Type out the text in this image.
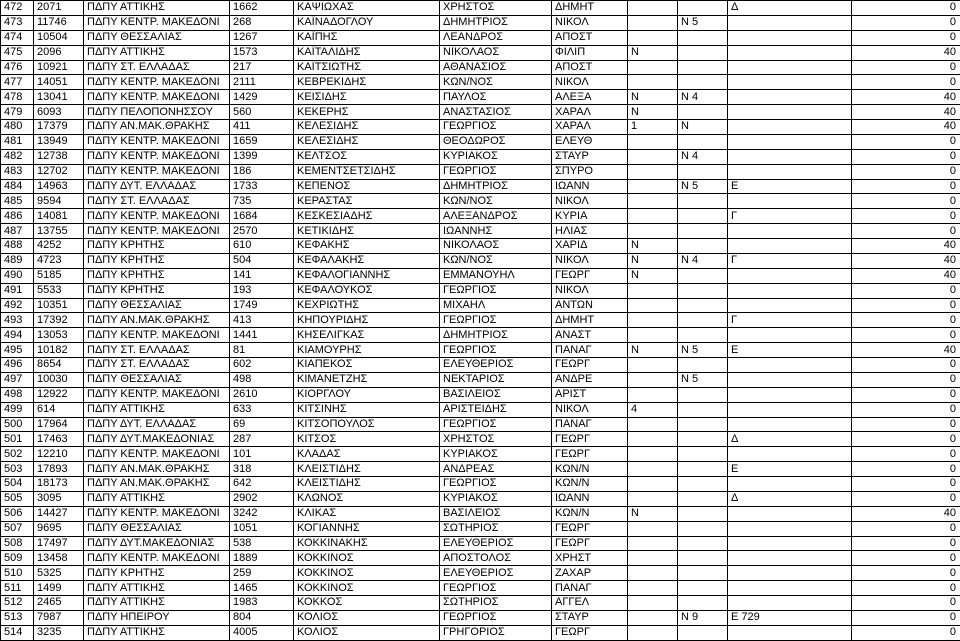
472	2071	ΠΔΠΥ ΑΤΤΙΚΗΣ	1662	ΚΑΨΙΩΧΑΣ	ΧΡΗΣΤΟΣ	ΔΗΜΗΤ			Δ	0
473	11746	ΠΔΠΥ ΚΕΝΤΡ. ΜΑΚΕΔΟΝΙ	268	ΚΑΪΝΑΔΟΓΛΟΥ	ΔΗΜΗΤΡΙΟΣ	ΝΙΚΟΛ		Ν 5		0
474	10504	ΠΔΠΥ ΘΕΣΣΑΛΙΑΣ	1267	ΚΑΪΠΗΣ	ΛΕΑΝΔΡΟΣ	ΑΠΟΣΤ				0
475	2096	ΠΔΠΥ ΑΤΤΙΚΗΣ	1573	ΚΑΪΤΑΛΙΔΗΣ	ΝΙΚΟΛΑΟΣ	ΦΙΛΙΠ	Ν			40
476	10921	ΠΔΠΥ ΣΤ. ΕΛΛΑΔΑΣ	217	ΚΑΪΤΣΙΩΤΗΣ	ΑΘΑΝΑΣΙΟΣ	ΑΠΟΣΤ				0
477	14051	ΠΔΠΥ ΚΕΝΤΡ. ΜΑΚΕΔΟΝΙ	2111	ΚΕΒΡΕΚΙΔΗΣ	ΚΩΝ/ΝΟΣ	ΝΙΚΟΛ				0
478	13041	ΠΔΠΥ ΚΕΝΤΡ. ΜΑΚΕΔΟΝΙ	1429	ΚΕΙΣΙΔΗΣ	ΠΑΥΛΟΣ	ΑΛΕΞΑ	Ν	Ν 4		40
479	6093	ΠΔΠΥ ΠΕΛΟΠΟΝΗΣΣΟΥ	560	ΚΕΚΕΡΗΣ	ΑΝΑΣΤΑΣΙΟΣ	ΧΑΡΑΛ	Ν			40
480	17379	ΠΔΠΥ ΑΝ.ΜΑΚ.ΘΡΑΚΗΣ	411	ΚΕΛΕΣΙΔΗΣ	ΓΕΩΡΓΙΟΣ	ΧΑΡΑΛ	1	Ν		40
481	13949	ΠΔΠΥ ΚΕΝΤΡ. ΜΑΚΕΔΟΝΙ	1659	ΚΕΛΕΣΙΔΗΣ	ΘΕΟΔΩΡΟΣ	ΕΛΕΥΘ				0
482	12738	ΠΔΠΥ ΚΕΝΤΡ. ΜΑΚΕΔΟΝΙ	1399	ΚΕΛΤΣΟΣ	ΚΥΡΙΑΚΟΣ	ΣΤΑΥΡ		Ν 4		0
483	12702	ΠΔΠΥ ΚΕΝΤΡ. ΜΑΚΕΔΟΝΙ	186	ΚΕΜΕΝΤΣΕΤΣΙΔΗΣ	ΓΕΩΡΓΙΟΣ	ΣΠΥΡΟ				0
484	14963	ΠΔΠΥ ΔΥΤ. ΕΛΛΑΔΑΣ	1733	ΚΕΠΕΝΟΣ	ΔΗΜΗΤΡΙΟΣ	ΙΩΑΝΝ		Ν 5	Ε	0
485	9594	ΠΔΠΥ ΣΤ. ΕΛΛΑΔΑΣ	735	ΚΕΡΑΣΤΑΣ	ΚΩΝ/ΝΟΣ	ΝΙΚΟΛ				0
486	14081	ΠΔΠΥ ΚΕΝΤΡ. ΜΑΚΕΔΟΝΙ	1684	ΚΕΣΚΕΣΙΑΔΗΣ	ΑΛΕΞΑΝΔΡΟΣ	ΚΥΡΙΑ			Γ	0
487	13755	ΠΔΠΥ ΚΕΝΤΡ. ΜΑΚΕΔΟΝΙ	2570	ΚΕΤΙΚΙΔΗΣ	ΙΩΑΝΝΗΣ	ΗΛΙΑΣ				0
488	4252	ΠΔΠΥ ΚΡΗΤΗΣ	610	ΚΕΦΑΚΗΣ	ΝΙΚΟΛΑΟΣ	ΧΑΡΙΔ	Ν			40
489	4723	ΠΔΠΥ ΚΡΗΤΗΣ	504	ΚΕΦΑΛΑΚΗΣ	ΚΩΝ/ΝΟΣ	ΝΙΚΟΛ	Ν	Ν 4	Γ	40
490	5185	ΠΔΠΥ ΚΡΗΤΗΣ	141	ΚΕΦΑΛΟΓΙΑΝΝΗΣ	ΕΜΜΑΝΟΥΗΛ	ΓΕΩΡΓ	Ν			40
491	5533	ΠΔΠΥ ΚΡΗΤΗΣ	193	ΚΕΦΑΛΟΥΚΟΣ	ΓΕΩΡΓΙΟΣ	ΝΙΚΟΛ				0
492	10351	ΠΔΠΥ ΘΕΣΣΑΛΙΑΣ	1749	ΚΕΧΡΙΩΤΗΣ	ΜΙΧΑΗΛ	ΑΝΤΩΝ				0
493	17392	ΠΔΠΥ ΑΝ.ΜΑΚ.ΘΡΑΚΗΣ	413	ΚΗΠΟΥΡΙΔΗΣ	ΓΕΩΡΓΙΟΣ	ΔΗΜΗΤ			Γ	0
494	13053	ΠΔΠΥ ΚΕΝΤΡ. ΜΑΚΕΔΟΝΙ	1441	ΚΗΣΕΛΙΓΚΑΣ	ΔΗΜΗΤΡΙΟΣ	ΑΝΑΣΤ				0
495	10182	ΠΔΠΥ ΣΤ. ΕΛΛΑΔΑΣ	81	ΚΙΑΜΟΥΡΗΣ	ΓΕΩΡΓΙΟΣ	ΠΑΝΑΓ	Ν	Ν 5	Ε	40
496	8654	ΠΔΠΥ ΣΤ. ΕΛΛΑΔΑΣ	602	ΚΙΑΠΕΚΟΣ	ΕΛΕΥΘΕΡΙΟΣ	ΓΕΩΡΓ				0
497	10030	ΠΔΠΥ ΘΕΣΣΑΛΙΑΣ	498	ΚΙΜΑΝΕΤΖΗΣ	ΝΕΚΤΑΡΙΟΣ	ΑΝΔΡΕ		Ν 5		0
498	12922	ΠΔΠΥ ΚΕΝΤΡ. ΜΑΚΕΔΟΝΙ	2610	ΚΙΟΡΓΛΟΥ	ΒΑΣΙΛΕΙΟΣ	ΑΡΙΣΤ				0
499	614	ΠΔΠΥ ΑΤΤΙΚΗΣ	633	ΚΙΤΣΙΝΗΣ	ΑΡΙΣΤΕΙΔΗΣ	ΝΙΚΟΛ	4			0
500	17964	ΠΔΠΥ ΔΥΤ. ΕΛΛΑΔΑΣ	69	ΚΙΤΣΟΠΟΥΛΟΣ	ΓΕΩΡΓΙΟΣ	ΠΑΝΑΓ				0
501	17463	ΠΔΠΥ ΔΥΤ.ΜΑΚΕΔΟΝΙΑΣ	287	ΚΙΤΣΟΣ	ΧΡΗΣΤΟΣ	ΓΕΩΡΓ			Δ	0
502	12210	ΠΔΠΥ ΚΕΝΤΡ. ΜΑΚΕΔΟΝΙ	101	ΚΛΑΔΑΣ	ΚΥΡΙΑΚΟΣ	ΓΕΩΡΓ				0
503	17893	ΠΔΠΥ ΑΝ.ΜΑΚ.ΘΡΑΚΗΣ	318	ΚΛΕΙΣΤΙΔΗΣ	ΑΝΔΡΕΑΣ	ΚΩΝ/Ν			Ε	0
504	18173	ΠΔΠΥ ΑΝ.ΜΑΚ.ΘΡΑΚΗΣ	642	ΚΛΕΙΣΤΙΔΗΣ	ΓΕΩΡΓΙΟΣ	ΚΩΝ/Ν				0
505	3095	ΠΔΠΥ ΑΤΤΙΚΗΣ	2902	ΚΛΩΝΟΣ	ΚΥΡΙΑΚΟΣ	ΙΩΑΝΝ			Δ	0
506	14427	ΠΔΠΥ ΚΕΝΤΡ. ΜΑΚΕΔΟΝΙ	3242	ΚΛΙΚΑΣ	ΒΑΣΙΛΕΙΟΣ	ΚΩΝ/Ν	Ν			40
507	9695	ΠΔΠΥ ΘΕΣΣΑΛΙΑΣ	1051	ΚΟΓΙΑΝΝΗΣ	ΣΩΤΗΡΙΟΣ	ΓΕΩΡΓ				0
508	17497	ΠΔΠΥ ΔΥΤ.ΜΑΚΕΔΟΝΙΑΣ	538	ΚΟΚΚΙΝΑΚΗΣ	ΕΛΕΥΘΕΡΙΟΣ	ΓΕΩΡΓ				0
509	13458	ΠΔΠΥ ΚΕΝΤΡ. ΜΑΚΕΔΟΝΙ	1889	ΚΟΚΚΙΝΟΣ	ΑΠΟΣΤΟΛΟΣ	ΧΡΗΣΤ				0
510	5325	ΠΔΠΥ ΚΡΗΤΗΣ	259	ΚΟΚΚΙΝΟΣ	ΕΛΕΥΘΕΡΙΟΣ	ΖΑΧΑΡ				0
511	1499	ΠΔΠΥ ΑΤΤΙΚΗΣ	1465	ΚΟΚΚΙΝΟΣ	ΓΕΩΡΓΙΟΣ	ΠΑΝΑΓ				0
512	2465	ΠΔΠΥ ΑΤΤΙΚΗΣ	1983	ΚΟΚΚΟΣ	ΣΩΤΗΡΙΟΣ	ΑΓΓΕΛ				0
513	7987	ΠΔΠΥ ΗΠΕΙΡΟΥ	804	ΚΟΛΙΟΣ	ΓΕΩΡΓΙΟΣ	ΣΤΑΥΡ		Ν 9	Ε 729	0
514	3235	ΠΔΠΥ ΑΤΤΙΚΗΣ	4005	ΚΟΛΙΟΣ	ΓΡΗΓΟΡΙΟΣ	ΓΕΩΡΓ				0
